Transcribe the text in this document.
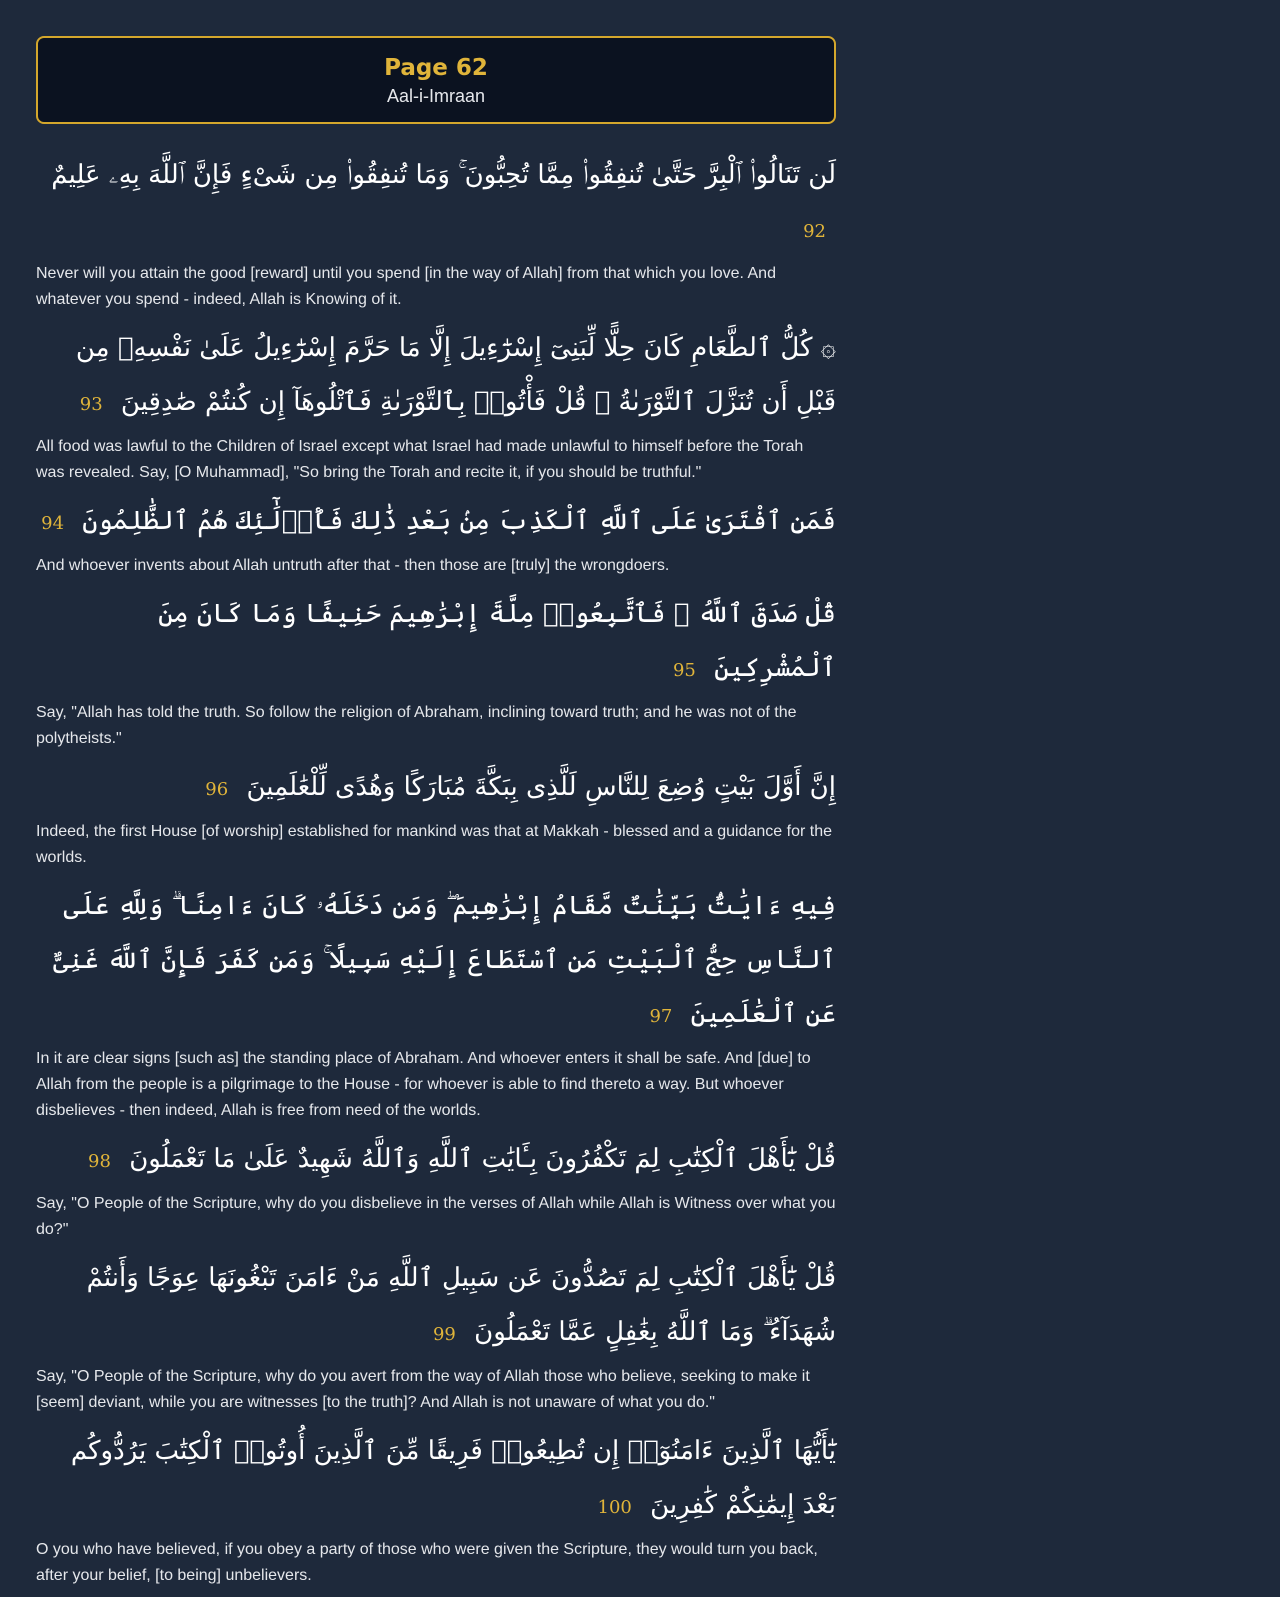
Page 62
Aal-i-Imraan
لَن تَنَالُوا۟ ٱلْبِرَّ حَتَّىٰ تُنفِقُوا۟ مِمَّا تُحِبُّونَ ۚ وَمَا تُنفِقُوا۟ مِن شَىْءٍ فَإِنَّ ٱللَّهَ بِهِۦ عَلِيمٌ 92
Never will you attain the good [reward] until you spend [in the way of Allah] from that which you love. And whatever you spend - indeed, Allah is Knowing of it.
۞ كُلُّ ٱلطَّعَامِ كَانَ حِلًّا لِّبَنِىٓ إِسْرَٰٓءِيلَ إِلَّا مَا حَرَّمَ إِسْرَٰٓءِيلُ عَلَىٰ نَفْسِهِۦ مِن قَبْلِ أَن تُنَزَّلَ ٱلتَّوْرَىٰةُ ۗ قُلْ فَأْتُوا۟ بِٱلتَّوْرَىٰةِ فَٱتْلُوهَآ إِن كُنتُمْ صَٰدِقِينَ 93
All food was lawful to the Children of Israel except what Israel had made unlawful to himself before the Torah was revealed. Say, [O Muhammad], "So bring the Torah and recite it, if you should be truthful."
فَمَنِ ٱفْتَرَىٰ عَلَى ٱللَّهِ ٱلْكَذِبَ مِنۢ بَعْدِ ذَٰلِكَ فَأُو۟لَٰٓئِكَ هُمُ ٱلظَّٰلِمُونَ 94
And whoever invents about Allah untruth after that - then those are [truly] the wrongdoers.
قُلْ صَدَقَ ٱللَّهُ ۗ فَٱتَّبِعُوا۟ مِلَّةَ إِبْرَٰهِيمَ حَنِيفًا وَمَا كَانَ مِنَ ٱلْمُشْرِكِينَ 95
Say, "Allah has told the truth. So follow the religion of Abraham, inclining toward truth; and he was not of the polytheists."
إِنَّ أَوَّلَ بَيْتٍ وُضِعَ لِلنَّاسِ لَلَّذِى بِبَكَّةَ مُبَارَكًا وَهُدًى لِّلْعَٰلَمِينَ 96
Indeed, the first House [of worship] established for mankind was that at Makkah - blessed and a guidance for the worlds.
فِيهِ ءَايَٰتٌۢ بَيِّنَٰتٌ مَّقَامُ إِبْرَٰهِيمَ ۖ وَمَن دَخَلَهُۥ كَانَ ءَامِنًا ۗ وَلِلَّهِ عَلَى ٱلنَّاسِ حِجُّ ٱلْبَيْتِ مَنِ ٱسْتَطَاعَ إِلَيْهِ سَبِيلًا ۚ وَمَن كَفَرَ فَإِنَّ ٱللَّهَ غَنِىٌّ عَنِ ٱلْعَٰلَمِينَ 97
In it are clear signs [such as] the standing place of Abraham. And whoever enters it shall be safe. And [due] to Allah from the people is a pilgrimage to the House - for whoever is able to find thereto a way. But whoever disbelieves - then indeed, Allah is free from need of the worlds.
قُلْ يَٰٓأَهْلَ ٱلْكِتَٰبِ لِمَ تَكْفُرُونَ بِـَٔايَٰتِ ٱللَّهِ وَٱللَّهُ شَهِيدٌ عَلَىٰ مَا تَعْمَلُونَ 98
Say, "O People of the Scripture, why do you disbelieve in the verses of Allah while Allah is Witness over what you do?"
قُلْ يَٰٓأَهْلَ ٱلْكِتَٰبِ لِمَ تَصُدُّونَ عَن سَبِيلِ ٱللَّهِ مَنْ ءَامَنَ تَبْغُونَهَا عِوَجًا وَأَنتُمْ شُهَدَآءُ ۗ وَمَا ٱللَّهُ بِغَٰفِلٍ عَمَّا تَعْمَلُونَ 99
Say, "O People of the Scripture, why do you avert from the way of Allah those who believe, seeking to make it [seem] deviant, while you are witnesses [to the truth]? And Allah is not unaware of what you do."
يَٰٓأَيُّهَا ٱلَّذِينَ ءَامَنُوٓا۟ إِن تُطِيعُوا۟ فَرِيقًا مِّنَ ٱلَّذِينَ أُوتُوا۟ ٱلْكِتَٰبَ يَرُدُّوكُم بَعْدَ إِيمَٰنِكُمْ كَٰفِرِينَ 100
O you who have believed, if you obey a party of those who were given the Scripture, they would turn you back, after your belief, [to being] unbelievers.
